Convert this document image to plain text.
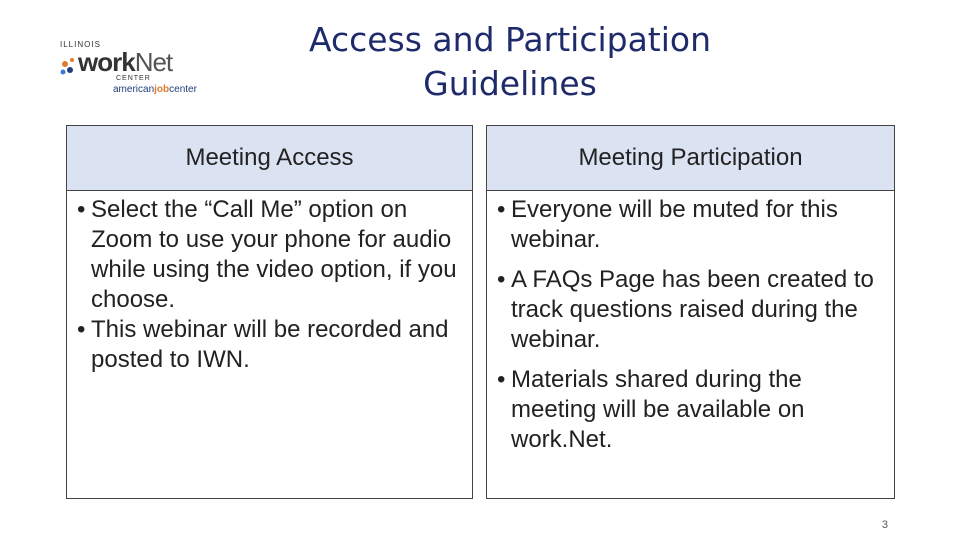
ILLINOIS
workNet
CENTER
americanjobcenter
Access and Participation
Guidelines
Meeting Access
• Select the “Call Me” option on Zoom to use your phone for audio while using the video option, if you choose.
• This webinar will be recorded and posted to IWN.
Meeting Participation
• Everyone will be muted for this webinar.
• A FAQs Page has been created to track questions raised during the webinar.
• Materials shared during the meeting will be available on work.Net.
3
